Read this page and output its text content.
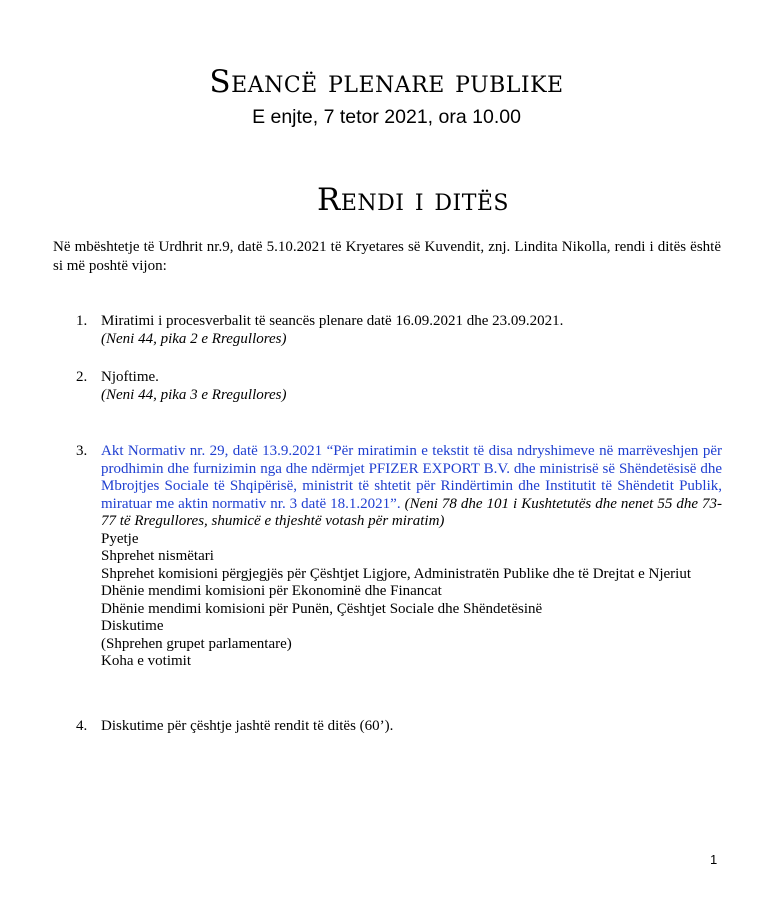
Seancë plenare publike
E enjte, 7 tetor 2021, ora 10.00
Rendi i ditës
Në mbështetje të Urdhrit nr.9, datë 5.10.2021 të Kryetares së Kuvendit, znj. Lindita Nikolla, rendi i ditës është si më poshtë vijon:
1. Miratimi i procesverbalit të seancës plenare datë 16.09.2021 dhe 23.09.2021.
(Neni 44, pika 2 e Rregullores)
2. Njoftime.
(Neni 44, pika 3 e Rregullores)
3. Akt Normativ nr. 29, datë 13.9.2021 “Për miratimin e tekstit të disa ndryshimeve në marrëveshjen për prodhimin dhe furnizimin nga dhe ndërmjet PFIZER EXPORT B.V. dhe ministrisë së Shëndetësisë dhe Mbrojtjes Sociale të Shqipërisë, ministrit të shtetit për Rindërtimin dhe Institutit të Shëndetit Publik, miratuar me aktin normativ nr. 3 datë 18.1.2021”. (Neni 78 dhe 101 i Kushtetutës dhe nenet 55 dhe 73-77 të Rregullores, shumicë e thjeshtë votash për miratim)
Pyetje
Shprehet nismëtari
Shprehet komisioni përgjegjës për Çështjet Ligjore, Administratën Publike dhe të Drejtat e Njeriut
Dhënie mendimi komisioni për Ekonominë dhe Financat
Dhënie mendimi komisioni për Punën, Çështjet Sociale dhe Shëndetësinë
Diskutime
(Shprehen grupet parlamentare)
Koha e votimit
4. Diskutime për çështje jashtë rendit të ditës (60’).
1
